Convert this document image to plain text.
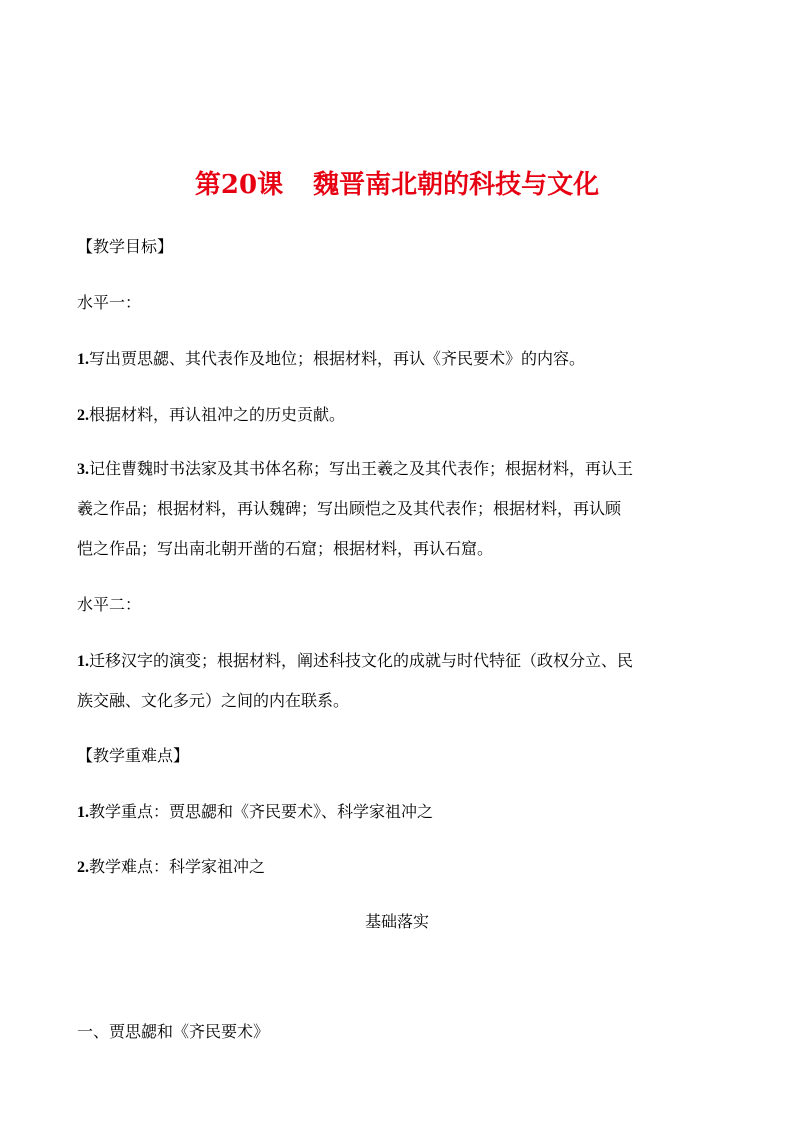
第20课 魏晋南北朝的科技与文化
【教学目标】
水平一：
1.写出贾思勰、其代表作及地位；根据材料，再认《齐民要术》的内容。
2.根据材料，再认祖冲之的历史贡献。
3.记住曹魏时书法家及其书体名称；写出王羲之及其代表作；根据材料，再认王
羲之作品；根据材料，再认魏碑；写出顾恺之及其代表作；根据材料，再认顾
恺之作品；写出南北朝开凿的石窟；根据材料，再认石窟。
水平二：
1.迁移汉字的演变；根据材料，阐述科技文化的成就与时代特征（政权分立、民
族交融、文化多元）之间的内在联系。
【教学重难点】
1.教学重点：贾思勰和《齐民要术》、科学家祖冲之
2.教学难点：科学家祖冲之
基础落实
一、贾思勰和《齐民要术》
